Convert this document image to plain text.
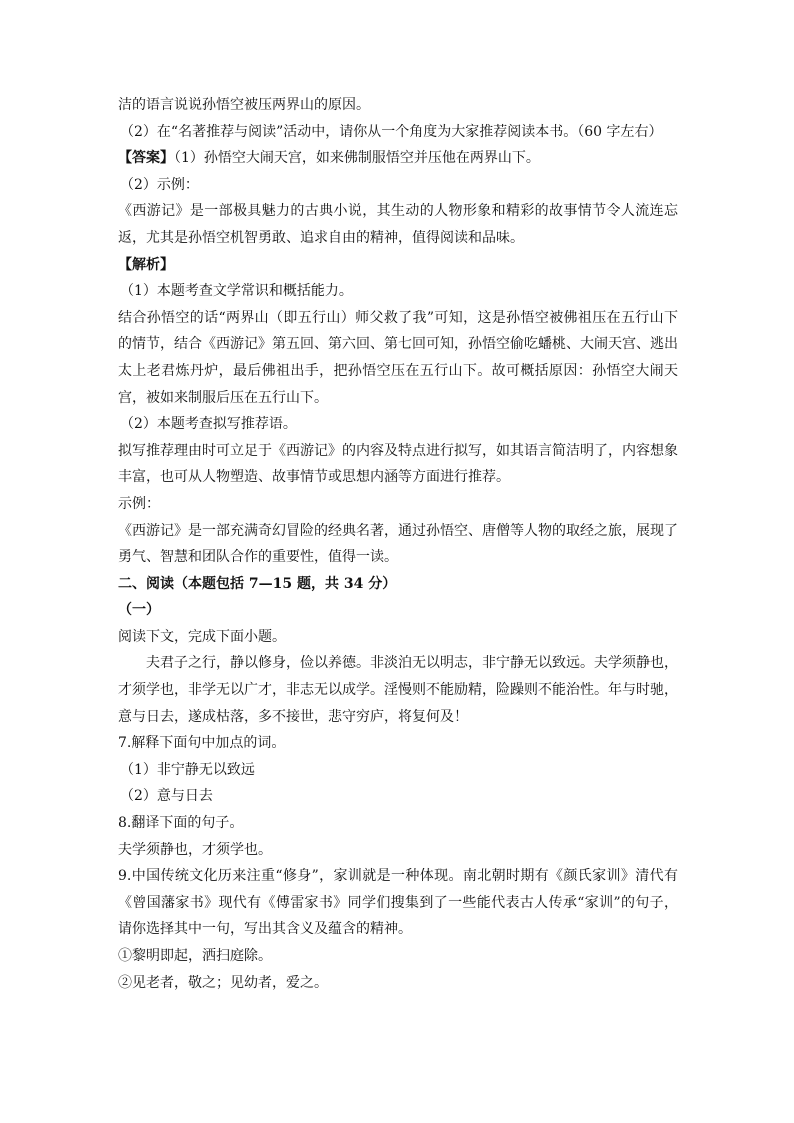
洁的语言说说孙悟空被压两界山的原因。

（2）在“名著推荐与阅读”活动中，请你从一个角度为大家推荐阅读本书。（60 字左右）

【答案】（1）孙悟空大闹天宫，如来佛制服悟空并压他在两界山下。

（2）示例：

《西游记》是一部极具魅力的古典小说，其生动的人物形象和精彩的故事情节令人流连忘返，尤其是孙悟空机智勇敢、追求自由的精神，值得阅读和品味。

【解析】

（1）本题考查文学常识和概括能力。

结合孙悟空的话“两界山（即五行山）师父救了我”可知，这是孙悟空被佛祖压在五行山下的情节，结合《西游记》第五回、第六回、第七回可知，孙悟空偷吃蟠桃、大闹天宫、逃出太上老君炼丹炉，最后佛祖出手，把孙悟空压在五行山下。故可概括原因：孙悟空大闹天宫，被如来制服后压在五行山下。

（2）本题考查拟写推荐语。

拟写推荐理由时可立足于《西游记》的内容及特点进行拟写，如其语言简洁明了，内容想象丰富，也可从人物塑造、故事情节或思想内涵等方面进行推荐。

示例：

《西游记》是一部充满奇幻冒险的经典名著，通过孙悟空、唐僧等人物的取经之旅，展现了勇气、智慧和团队合作的重要性，值得一读。

二、阅读（本题包括 7—15 题，共 34 分）

（一）

阅读下文，完成下面小题。

夫君子之行，静以修身，俭以养德。非淡泊无以明志，非宁静无以致远。夫学须静也，才须学也，非学无以广才，非志无以成学。淫慢则不能励精，险躁则不能治性。年与时驰，意与日去，遂成枯落，多不接世，悲守穷庐，将复何及！

7.解释下面句中加点的词。

（1）非宁静无以致远

（2）意与日去

8.翻译下面的句子。

夫学须静也，才须学也。

9.中国传统文化历来注重“修身”，家训就是一种体现。南北朝时期有《颜氏家训》清代有《曾国藩家书》现代有《傅雷家书》同学们搜集到了一些能代表古人传承“家训”的句子，请你选择其中一句，写出其含义及蕴含的精神。

①黎明即起，洒扫庭除。

②见老者，敬之；见幼者，爱之。
